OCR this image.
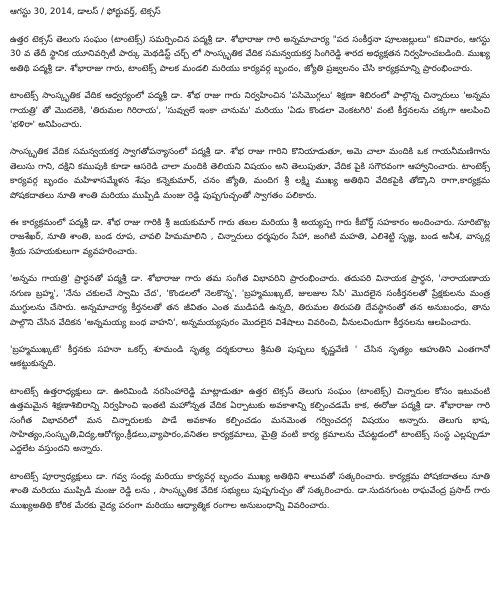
ఆగస్టు 30, 2014, డాలస్ / ఫోర్టువర్త్, టెక్సస్

ఉత్తర టెక్సస్ తెలుగు సంఘం (టాంటెక్స్) సమర్పించిన పద్మశ్రీ డా. శోభారాజు గారి అన్నమాచార్య "పద సంకీర్తనా పూలజల్లులు" కనివారం, ఆగస్టు 30 వ తేదీ స్థానిక యూనివర్సిటీ పార్కు మెథడిస్ట్ చర్చ్ లో సాంస్కృతిక వేదిక సమన్వయకర్త సింగిరెడ్డి శారద అధ్యక్షతన నిర్వహించబడింది. ముఖ్య అతిథి పద్మశ్రీ డా. శోభారాజు గారు, టాంటెక్స్ పాలక మండలి మరియు కార్యవర్గ బృందం, జ్యోతి ప్రజ్వలనం చేసి కార్యక్రమాన్ని ప్రారంభించారు.

టాంటెక్స్ సాంస్కృతిక వేదిక ఆధ్వర్యంలో పద్మశ్రీ డా. శోభ రాజు గారు నిర్వహించిన 'పసిమొగ్గలు' శిక్షణా శిబిరంలో పాల్గొన్న చిన్నారులు 'అన్నమ గాయత్రి' తో మొదలెకి, 'తిరుమల గిరిరాయ', 'సువ్వులే ఇంకా చానుమ' మరియు 'ఏడు కొండలా వెంకటగిరి' వంటి కీర్తనలను చక్కగా ఆలపించి 'భళిరా' అనిపించారు.

సాంస్కృతిక వేదిక సమన్వయకర్త స్వాగతోపన్యాసంలో పద్మశ్రీ డా. శోభ రాజు గారిని కొనియాడుతూ, అమె చాలా మందికి ఒక గాయనీమణిగాను తెలుసు గాని, దక్షిని కముపుకి కూడా ఆసరెడి చాలా మందికి తెలియని విషయం అని తెలుపుతూ, వేదిక పైకి సగౌరవంగా ఆహ్వానించారు. టాంటెక్స్ కార్యవర్గ బృందం మహిళాసమ్మేళన శేషం కన్నెకుమార్, చనం జ్యోతి, మందిగ శ్రీ లక్ష్మి ముఖ్య అతిథిని వేదికపైకి తోడ్కొని రాగా,కార్యక్రమ పోషకదాతలు నూతి శాంతి మరియు ముప్పిడి మంజు రెడ్డి పుష్పగుచ్ఛంతో స్వాగతం పలికారు.

ఈ కార్యక్రమంలో పద్మశ్రీ డా. శోభ రాజు గారికి శ్రీ జయకుమార్ గారు తబల మరియు శ్రీ అయ్యప్ప గారు కీబోర్డ్ సహకారం అందించారు. సూరిబొట్ల రాజశేఖర్, నూతి శాంతి, బండ రూప, చావలి హిమమాలిని , చిన్నారులు ధర్మపురం సేహా, జంగిటి మహతి, ఎలిశెట్టి సృజ్ఞ, బండ అనీశ, వాస్కర్ల శ్రీయ సహయకులుగా వ్యవహరించారు.

'అన్నమ గాయత్రి' ప్రార్ధనతో పద్మశ్రీ డా. శోభారాజు గారు తమ సంగీత విభావరిని ప్రారంభించారు. తదుపరి వినాయక ప్రార్ధన, 'నారాయణాయ నగుణ బ్రహ్మ', 'నేను చకులచే స్వామి చేద', 'కొండలలో నెలకొన్న', 'బ్రహ్మముఖ్కటే, జులజుల సేసి' మొదలైన సంకీర్తనలతో ప్రేక్షకులను మంత్ర ముగ్ధులను చేసారు. అన్నమాచార్య కీర్తనలతో తన జీవితం ఎంత ముడిపడి ఉన్నది, తిరుమల తిరుపతి దేవస్థానంతో తన అనుబంధం, తాను పాల్గొని చేసిన వేదికన 'అన్నమయ్య బంధ వాహని', అన్నమయ్యపురం మొదలైన విశేషాలు వివరించి, వీనులవిందుగా కీర్తనలను ఆలపించారు.

'బ్రహ్మముఖ్కటే' కీర్తనకు సహనా ఒకర్స్ శూమండి సృత్య దర్శకురాలు శ్రీమతి పుష్పలు కృష్ణవేణి ' చేసిన సృత్యం ఆహుతిని ఎంతగానో ఆకట్టుకున్నది.

టాంటెక్స్ ఉత్తరాధ్యక్షులు డా. ఊరిమిండి నరసింహారెడ్డి మాట్లాడుతూ ఉత్తర టెక్సస్ తెలుగు సంఘం (టాంటెక్స్) చిన్నారుల కోసం ఇటువంటి ఉత్తమమైన శిక్షణాశిబిరాన్ని నిర్వహించి ఇంతటి మహోన్నత వేదిక ఏర్పాటుకు అవకాశాన్ని కల్పించడమే కాక, ఈరోజు పద్మశ్రీ డా. శోభారాజు గారి సంగీత విభావరిలో మన చిన్నారులకు పాడే అవకాశం కల్పించడం మనమెంత గర్వించదగ్గ విషయం అన్నారు. తెలుగు భాష, సాహిత్యం,సంస్కృతి,విద్య,ఆరోగ్యం,క్రీడలు,వ్యాపారం,వనితల కార్యక్రమాలు, మైత్రి వంటి కార్య క్రమాలను చేపట్టడంలో టాంటెక్స్ సంస్థ ఎల్లప్పుడూ ఎద్దలేట వస్తుందని అన్నారు.

టాంటెక్స్ పూర్వాధ్యక్షులు డా. గవ్వ సంధ్య మరియు కార్యవర్గ బృందం ముఖ్య అతిథిని శాలువతో సత్కరించారు. కార్యక్రమ పోషకదాతలు నూతి శాంతి మరియు ముప్పిడి మంజు రెడ్డి లను , సాంస్కృతిక వేదిక సభ్యులు పుష్పగుచ్చం తో సత్కరించారు. డా.సుదనగుంట రాఘవేంద్ర ప్రసాద్ గారు ముఖ్యఅతిథి కోరిక మేరకు వైద్య పరంగా మరియు ఆధ్యాత్మిక రంగాల అనుబంధాన్ని వివరించారు.
